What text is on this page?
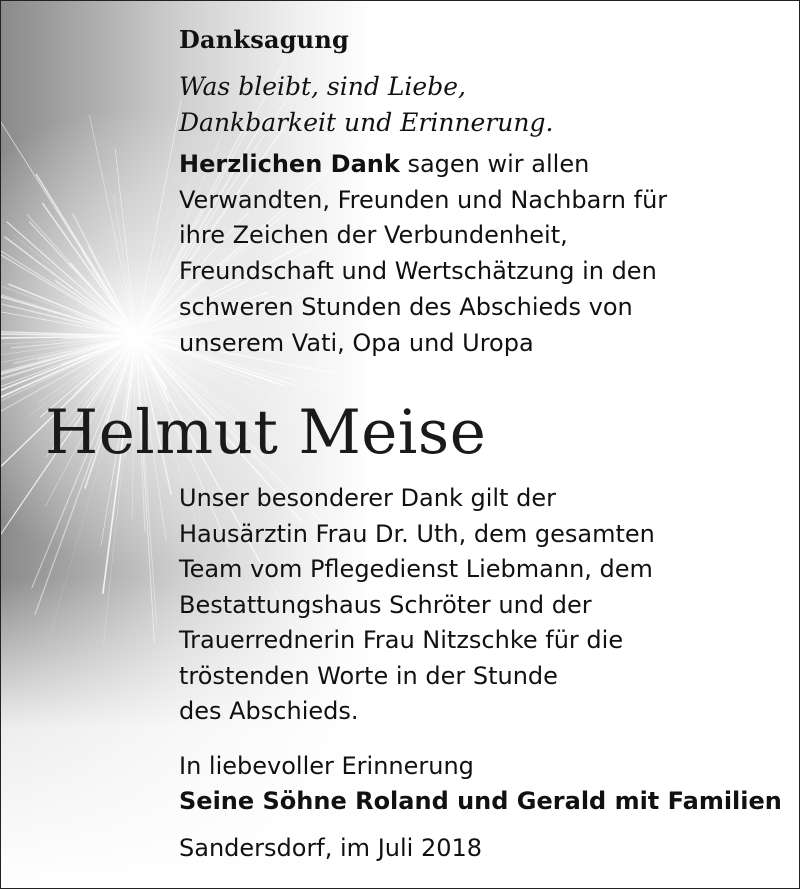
Danksagung
Was bleibt, sind Liebe,
Dankbarkeit und Erinnerung.
Herzlichen Dank sagen wir allen
Verwandten, Freunden und Nachbarn für
ihre Zeichen der Verbundenheit,
Freundschaft und Wertschätzung in den
schweren Stunden des Abschieds von
unserem Vati, Opa und Uropa
Helmut Meise
Unser besonderer Dank gilt der
Hausärztin Frau Dr. Uth, dem gesamten
Team vom Pflegedienst Liebmann, dem
Bestattungshaus Schröter und der
Trauerrednerin Frau Nitzschke für die
tröstenden Worte in der Stunde
des Abschieds.
In liebevoller Erinnerung
Seine Söhne Roland und Gerald mit Familien
Sandersdorf, im Juli 2018
